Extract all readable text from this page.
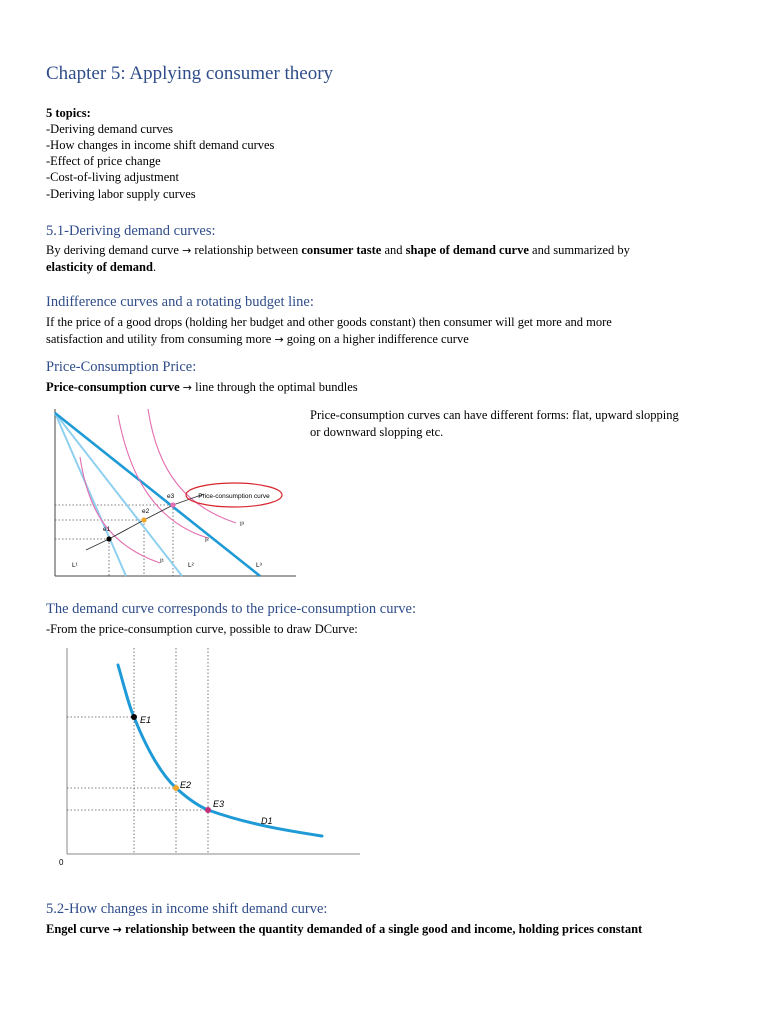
Chapter 5: Applying consumer theory
5 topics:
-Deriving demand curves
-How changes in income shift demand curves
-Effect of price change
-Cost-of-living adjustment
-Deriving labor supply curves
5.1-Deriving demand curves:
By deriving demand curve → relationship between consumer taste and shape of demand curve and summarized by
elasticity of demand.
Indifference curves and a rotating budget line:
If the price of a good drops (holding her budget and other goods constant) then consumer will get more and more
satisfaction and utility from consuming more → going on a higher indifference curve
Price-Consumption Price:
Price-consumption curve → line through the optimal bundles
Price-consumption curves can have different forms: flat, upward slopping
or downward slopping etc.
Price-consumption curve
e1
e2
e3
L¹	L²	L³
I¹
I²
I³
The demand curve corresponds to the price-consumption curve:
-From the price-consumption curve, possible to draw DCurve:
0
E1
E2
E3
D1
5.2-How changes in income shift demand curve:
Engel curve → relationship between the quantity demanded of a single good and income, holding prices constant
